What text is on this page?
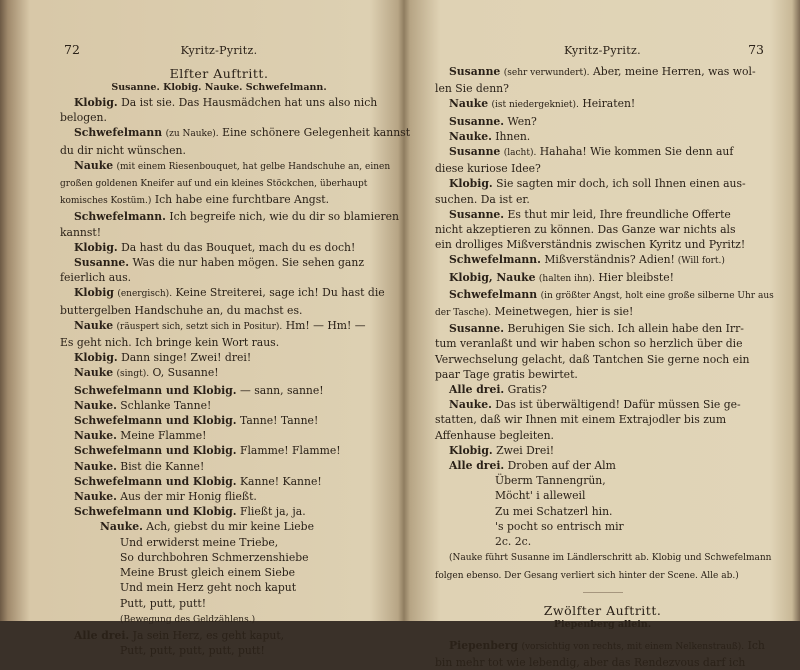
72	Kyritz-Pyritz.
Elfter Auftritt.
Susanne. Klobig. Nauke. Schwefelmann.
Klobig. Da ist sie. Das Hausmädchen hat uns also nich
belogen.
Schwefelmann (zu Nauke). Eine schönere Gelegenheit kannst
du dir nicht wünschen.
Nauke (mit einem Riesenbouquet, hat gelbe Handschuhe an, einen
großen goldenen Kneifer auf und ein kleines Stöckchen, überhaupt
komisches Kostüm.) Ich habe eine furchtbare Angst.
Schwefelmann. Ich begreife nich, wie du dir so blamieren
kannst!
Klobig. Da hast du das Bouquet, mach du es doch!
Susanne. Was die nur haben mögen. Sie sehen ganz
feierlich aus.
Klobig (energisch). Keine Streiterei, sage ich! Du hast die
buttergelben Handschuhe an, du machst es.
Nauke (räuspert sich, setzt sich in Positur). Hm! — Hm! —
Es geht nich. Ich bringe kein Wort raus.
Klobig. Dann singe! Zwei! drei!
Nauke (singt). O, Susanne!
Schwefelmann und Klobig. — sann, sanne!
Nauke. Schlanke Tanne!
Schwefelmann und Klobig. Tanne! Tanne!
Nauke. Meine Flamme!
Schwefelmann und Klobig. Flamme! Flamme!
Nauke. Bist die Kanne!
Schwefelmann und Klobig. Kanne! Kanne!
Nauke. Aus der mir Honig fließt.
Schwefelmann und Klobig. Fließt ja, ja.
Nauke. Ach, giebst du mir keine Liebe
Und erwiderst meine Triebe,
So durchbohren Schmerzenshiebe
Meine Brust gleich einem Siebe
Und mein Herz geht noch kaput
Putt, putt, putt!
(Bewegung des Geldzählens.)
Alle drei. Ja sein Herz, es geht kaput,
Putt, putt, putt, putt, putt!
Kyritz-Pyritz.	73
Susanne (sehr verwundert). Aber, meine Herren, was wol-
len Sie denn?
Nauke (ist niedergekniet). Heiraten!
Susanne. Wen?
Nauke. Ihnen.
Susanne (lacht). Hahaha! Wie kommen Sie denn auf
diese kuriose Idee?
Klobig. Sie sagten mir doch, ich soll Ihnen einen aus-
suchen. Da ist er.
Susanne. Es thut mir leid, Ihre freundliche Offerte
nicht akzeptieren zu können. Das Ganze war nichts als
ein drolliges Mißverständnis zwischen Kyritz und Pyritz!
Schwefelmann. Mißverständnis? Adien! (Will fort.)
Klobig, Nauke (halten ihn). Hier bleibste!
Schwefelmann (in größter Angst, holt eine große silberne Uhr aus
der Tasche). Meinetwegen, hier is sie!
Susanne. Beruhigen Sie sich. Ich allein habe den Irr-
tum veranlaßt und wir haben schon so herzlich über die
Verwechselung gelacht, daß Tantchen Sie gerne noch ein
paar Tage gratis bewirtet.
Alle drei. Gratis?
Nauke. Das ist überwältigend! Dafür müssen Sie ge-
statten, daß wir Ihnen mit einem Extrajodler bis zum
Affenhause begleiten.
Klobig. Zwei Drei!
Alle drei. Droben auf der Alm
Überm Tannengrün,
Möcht' i alleweil
Zu mei Schatzerl hin.
's pocht so entrisch mir
2c. 2c.
(Nauke führt Susanne im Ländlerschritt ab. Klobig und Schwefelmann
folgen ebenso. Der Gesang verliert sich hinter der Scene. Alle ab.)
Zwölfter Auftritt.
Piepenberg allein.
Piepenberg (vorsichtig von rechts, mit einem Nelkenstrauß). Ich
bin mehr tot wie lebendig, aber das Rendezvous darf ich
